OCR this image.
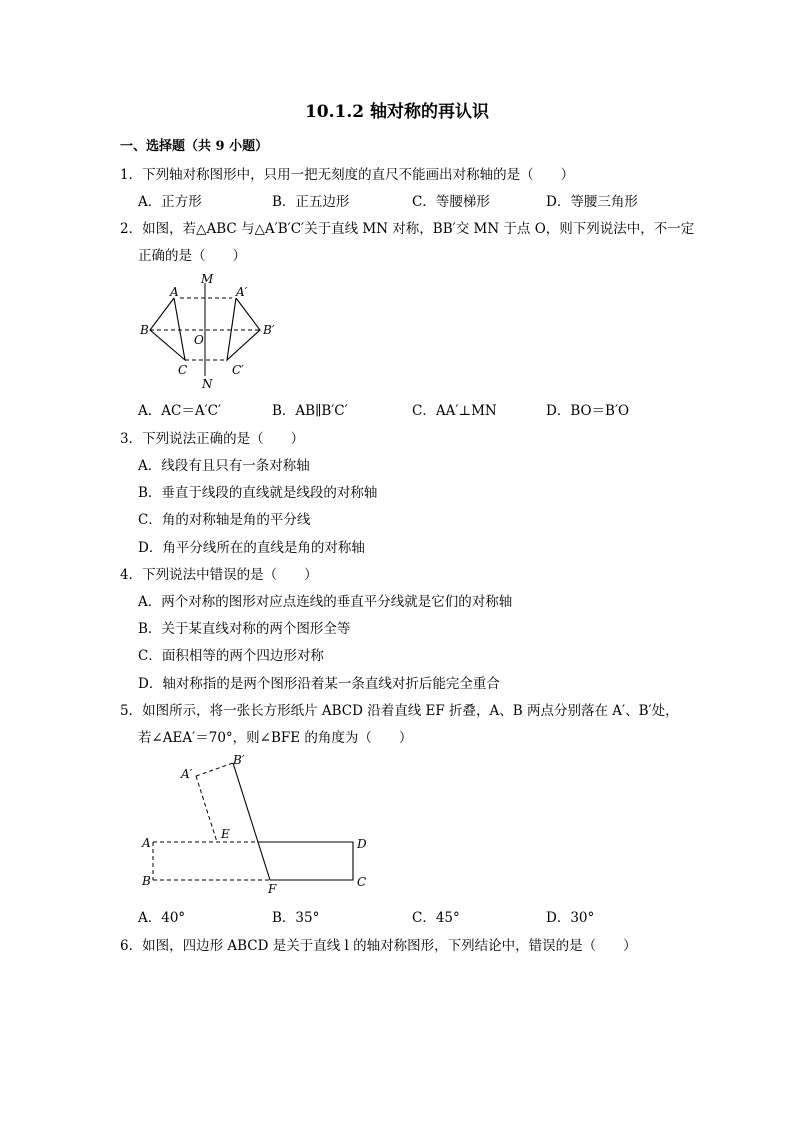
10.1.2 轴对称的再认识
一、选择题（共 9 小题）
1．下列轴对称图形中，只用一把无刻度的直尺不能画出对称轴的是（　　）
A．正方形	B．正五边形	C．等腰梯形	D．等腰三角形
2．如图，若△ABC 与△A′B′C′关于直线 MN 对称，BB′交 MN 于点 O，则下列说法中，不一定
正确的是（　　）
M
A	A′
B	B′
O
C	C′
N
A．AC＝A′C′	B．AB∥B′C′	C．AA′⊥MN	D．BO＝B′O
3．下列说法正确的是（　　）
A．线段有且只有一条对称轴
B．垂直于线段的直线就是线段的对称轴
C．角的对称轴是角的平分线
D．角平分线所在的直线是角的对称轴
4．下列说法中错误的是（　　）
A．两个对称的图形对应点连线的垂直平分线就是它们的对称轴
B．关于某直线对称的两个图形全等
C．面积相等的两个四边形对称
D．轴对称指的是两个图形沿着某一条直线对折后能完全重合
5．如图所示，将一张长方形纸片 ABCD 沿着直线 EF 折叠，A、B 两点分别落在 A′、B′处，
若∠AEA′＝70°，则∠BFE 的角度为（　　）
A′
B′
E
A	D
B
F	C
A．40°	B．35°	C．45°	D．30°
6．如图，四边形 ABCD 是关于直线 l 的轴对称图形，下列结论中，错误的是（　　）
